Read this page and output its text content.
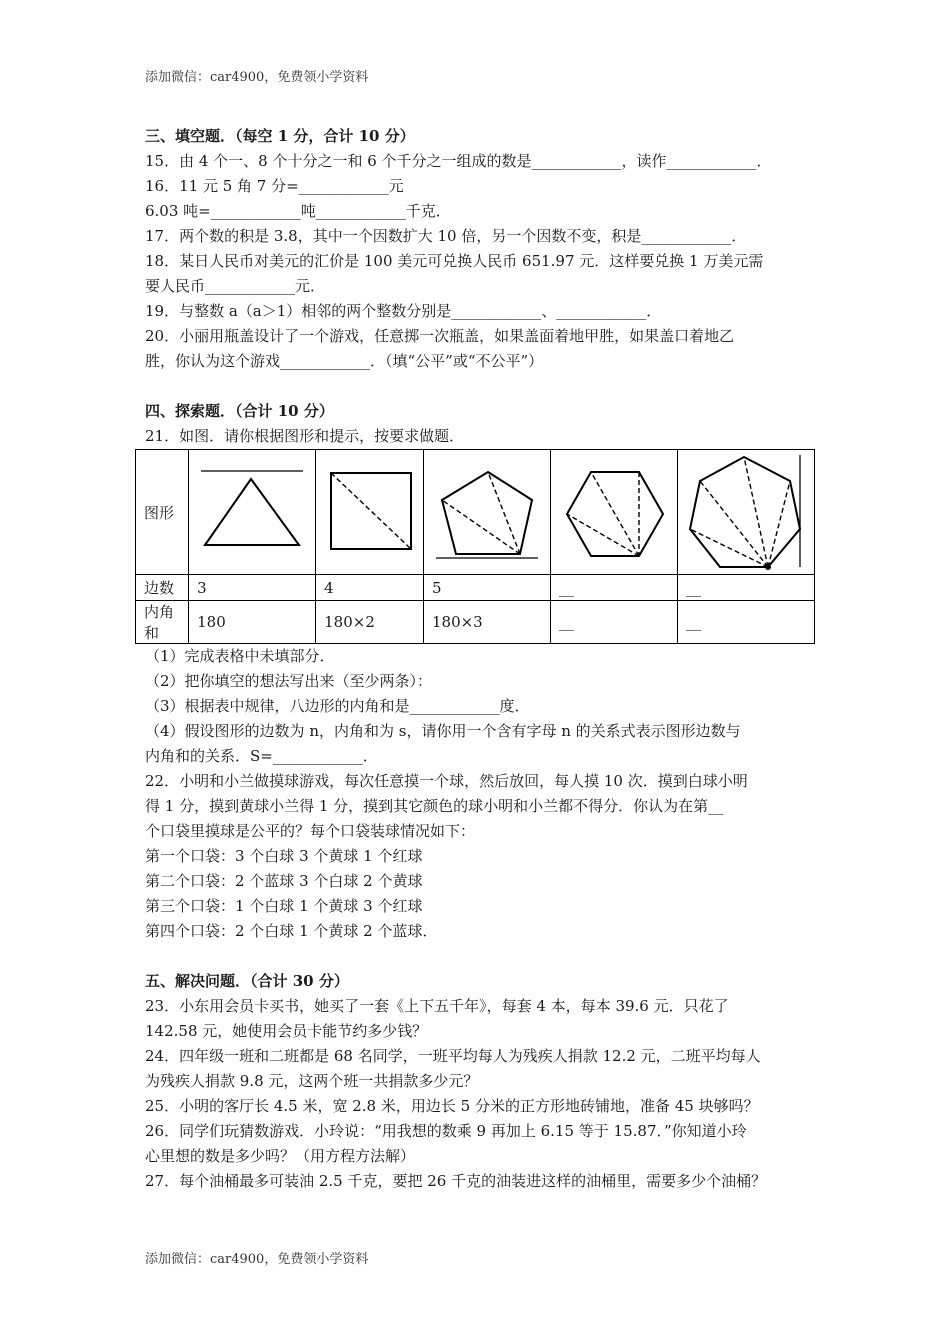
添加微信：car4900，免费领小学资料
三、填空题．（每空 1 分，合计 10 分）
15．由 4 个一、8 个十分之一和 6 个千分之一组成的数是____________，读作____________．
16．11 元 5 角 7 分=____________元
6.03 吨=____________吨____________千克．
17．两个数的积是 3.8，其中一个因数扩大 10 倍，另一个因数不变，积是____________．
18．某日人民币对美元的汇价是 100 美元可兑换人民币 651.97 元．这样要兑换 1 万美元需
要人民币____________元．
19．与整数 a（a＞1）相邻的两个整数分别是____________、____________．
20．小丽用瓶盖设计了一个游戏，任意掷一次瓶盖，如果盖面着地甲胜，如果盖口着地乙
胜，你认为这个游戏____________．（填“公平”或“不公平”）
四、探索题．（合计 10 分）
21．如图．请你根据图形和提示，按要求做题．
图形	

边数	3	4	5	__	__
内角和	180	180×2	180×3	__	__
（1）完成表格中未填部分．
（2）把你填空的想法写出来（至少两条）：
（3）根据表中规律，八边形的内角和是____________度．
（4）假设图形的边数为 n，内角和为 s，请你用一个含有字母 n 的关系式表示图形边数与
内角和的关系．S=____________．
22．小明和小兰做摸球游戏，每次任意摸一个球，然后放回，每人摸 10 次．摸到白球小明
得 1 分，摸到黄球小兰得 1 分，摸到其它颜色的球小明和小兰都不得分．你认为在第__
个口袋里摸球是公平的？每个口袋装球情况如下：
第一个口袋：3 个白球 3 个黄球 1 个红球
第二个口袋：2 个蓝球 3 个白球 2 个黄球
第三个口袋：1 个白球 1 个黄球 3 个红球
第四个口袋：2 个白球 1 个黄球 2 个蓝球．
五、解决问题．（合计 30 分）
23．小东用会员卡买书，她买了一套《上下五千年》，每套 4 本，每本 39.6 元．只花了
142.58 元，她使用会员卡能节约多少钱？
24．四年级一班和二班都是 68 名同学，一班平均每人为残疾人捐款 12.2 元，二班平均每人
为残疾人捐款 9.8 元，这两个班一共捐款多少元？
25．小明的客厅长 4.5 米，宽 2.8 米，用边长 5 分米的正方形地砖铺地，准备 45 块够吗？
26．同学们玩猜数游戏．小玲说：“用我想的数乘 9 再加上 6.15 等于 15.87．”你知道小玲
心里想的数是多少吗？（用方程方法解）
27．每个油桶最多可装油 2.5 千克，要把 26 千克的油装进这样的油桶里，需要多少个油桶？
添加微信：car4900，免费领小学资料
